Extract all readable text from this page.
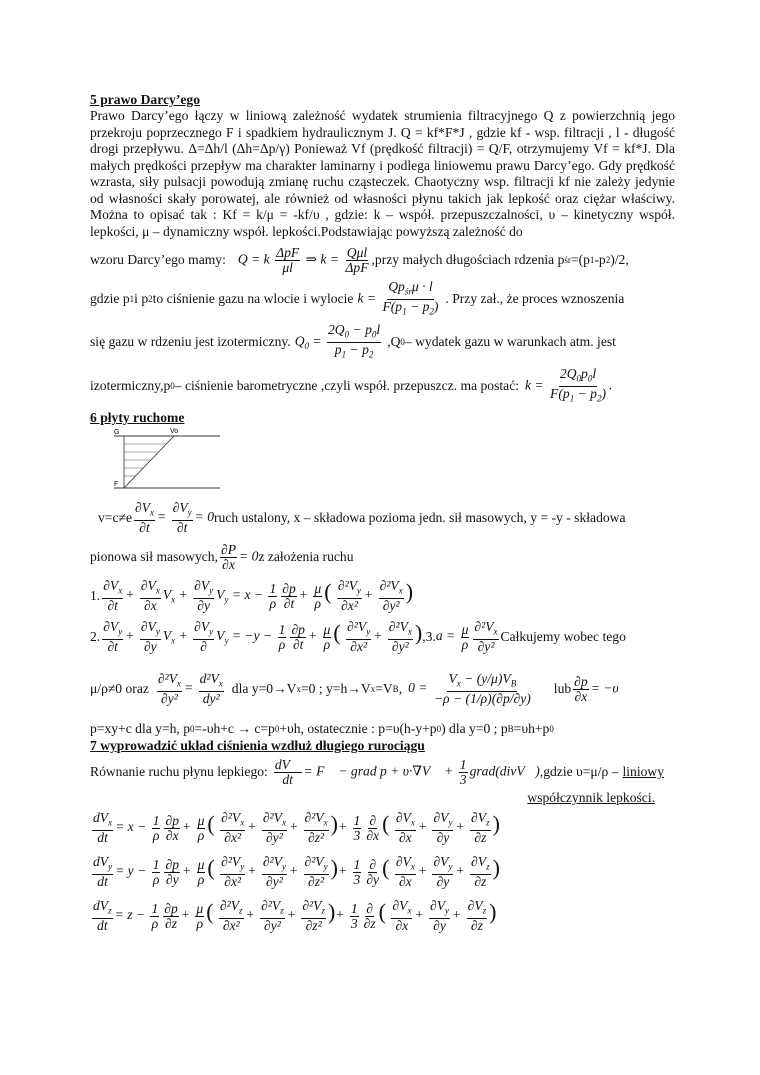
5 prawo Darcy’ego

Prawo Darcy’ego łączy w liniową zależność wydatek strumienia filtracyjnego Q z powierzchnią jego przekroju poprzecznego F i spadkiem hydraulicznym J. Q = kf*F*J , gdzie kf - wsp. filtracji , l - długość drogi przepływu. Δ=Δh/l (Δh=Δp/γ) Ponieważ Vf (prędkość filtracji) = Q/F, otrzymujemy Vf = kf*J. Dla małych prędkości przepływ ma charakter laminarny i podlega liniowemu prawu Darcy’ego. Gdy prędkość wzrasta, siły pulsacji powodują zmianę ruchu cząsteczek. Chaotyczny wsp. filtracji kf nie zależy jedynie od własności skały porowatej, ale również od własności płynu takich jak lepkość oraz ciężar właściwy. Można to opisać tak : Kf = k/μ = -kf/υ , gdzie: k – współ. przepuszczalności, υ – kinetyczny współ. lepkości, μ – dynamiczny współ. lepkości.Podstawiając powyższą zależność do

wzoru Darcy’ego mamy: Q = k $\frac{\text{ΔpF}}{\mu l}$ ⇒ $k = \frac{\text{Qμl}}{\text{ΔpF}}$ ,przy małych długościach rdzenia p śr =(p 1 -p 2 )/2,
gdzie p 1 i p 2 to ciśnienie gazu na wlocie i wylocie $k = \frac{Qp_{śr}\mu \cdot l}{F(p_1 - p_2)}$ . Przy zał., że proces wznoszenia
się gazu w rdzeniu jest izotermiczny. $Q_0 = \frac{2Q_0 - p_0l}{p_1 - p_2} ,Q$ 0 – wydatek gazu w warunkach atm. jest
izotermiczny,p 0 – ciśnienie barometryczne ,czyli współ. przepuszcz. ma postać: $k = \frac{2Q_0p_0l}{F(p_1 - p_2)}$ .

6 płyty ruchome

G	Vo
F
$v=c\ne e \frac{\partial V_x}{\partial t} = \frac{\partial V_y}{\partial t} = 0$ ruch ustalony, x – składowa pozioma jedn. sił masowych, y = -y - składowa
pionowa sił masowych, $\frac{\partial P}{\partial x} = 0$ z założenia ruchu
1. $\frac{\partial V_x}{\partial t} + \frac{\partial V_x}{\partial x} V_x + \frac{\partial V_y}{\partial y} V_y = x - \frac{1}{\rho} \frac{\partial p}{\partial t} + \frac{\mu}{\rho}$ ( $\frac{\partial^2V_y}{\text{∂x²}} + \frac{\partial^2V_x}{\text{∂y²}}$ )
2. $\frac{\partial V_y}{\partial t} + \frac{\partial V_y}{\partial y} V_x + \frac{\partial V_y}{\partial} V_y = -y - \frac{1}{\rho} \frac{\partial p}{\partial t} + \frac{\mu}{\rho}$ ( $\frac{\partial^2V_y}{\text{∂x²}} + \frac{\partial^2V_x}{\text{∂y²}}$ ) ,3. $a = \frac{\mu}{\rho} \frac{\partial^2V_x}{\text{∂y²}}$ Całkujemy wobec tego
μ/ρ≠0 oraz $\frac{\partial^2V_x}{\text{∂y²}} = \frac{d^2V_x}{\text{dy²}}$ dla y=0→V x =0 ; y=h→V x =V B , $0 = \frac{V_x - (y/\mu)V_B}{-\rho - (1/\rho)(\partial p/\partial y)}$ lub $\frac{\partial p}{\partial x} = -\upsilon$
p=xy+c dla y=h, p 0 =-υh+c → c=p 0 +υh, ostatecznie : p=υ(h-y+p 0 ) dla y=0 ; p B =υh+p 0

7 wyprowadzić układ ciśnienia wzdłuż długiego rurociągu

Równanie ruchu płynu lepkiego: $\frac{dV⃗}{dt}$ = F⃗ − grad p + υ·∇V⃗ + $\frac{1}{3}$ grad(divV⃗) ,gdzie υ=μ/ρ – liniowy
współczynnik lepkości.
$\frac{dV_x}{dt} = x - \frac{1}{\rho} \frac{\partial p}{\partial x} + \frac{\mu}{\rho}$ ( $\frac{\partial^2V_x}{\text{∂x²}} + \frac{\partial^2V_x}{\text{∂y²}} + \frac{\partial^2V_x}{\text{∂z²}}$ )+ $\frac{1}{3} \frac{\partial}{\partial x}$ ( $\frac{\partial V_x}{\partial x} + \frac{\partial V_y}{\partial y} + \frac{\partial V_z}{\partial z}$ )
$\frac{dV_y}{dt} = y - \frac{1}{\rho} \frac{\partial p}{\partial y} + \frac{\mu}{\rho}$ ( $\frac{\partial^2V_y}{\text{∂x²}} + \frac{\partial^2V_y}{\text{∂y²}} + \frac{\partial^2V_y}{\text{∂z²}}$ )+ $\frac{1}{3} \frac{\partial}{\partial y}$ ( $\frac{\partial V_x}{\partial x} + \frac{\partial V_y}{\partial y} + \frac{\partial V_z}{\partial z}$ )
$\frac{dV_z}{dt} = z - \frac{1}{\rho} \frac{\partial p}{\partial z} + \frac{\mu}{\rho}$ ( $\frac{\partial^2V_z}{\text{∂x²}} + \frac{\partial^2V_z}{\text{∂y²}} + \frac{\partial^2V_z}{\text{∂z²}}$ )+ $\frac{1}{3} \frac{\partial}{\partial z}$ ( $\frac{\partial V_x}{\partial x} + \frac{\partial V_y}{\partial y} + \frac{\partial V_z}{\partial z}$ )
